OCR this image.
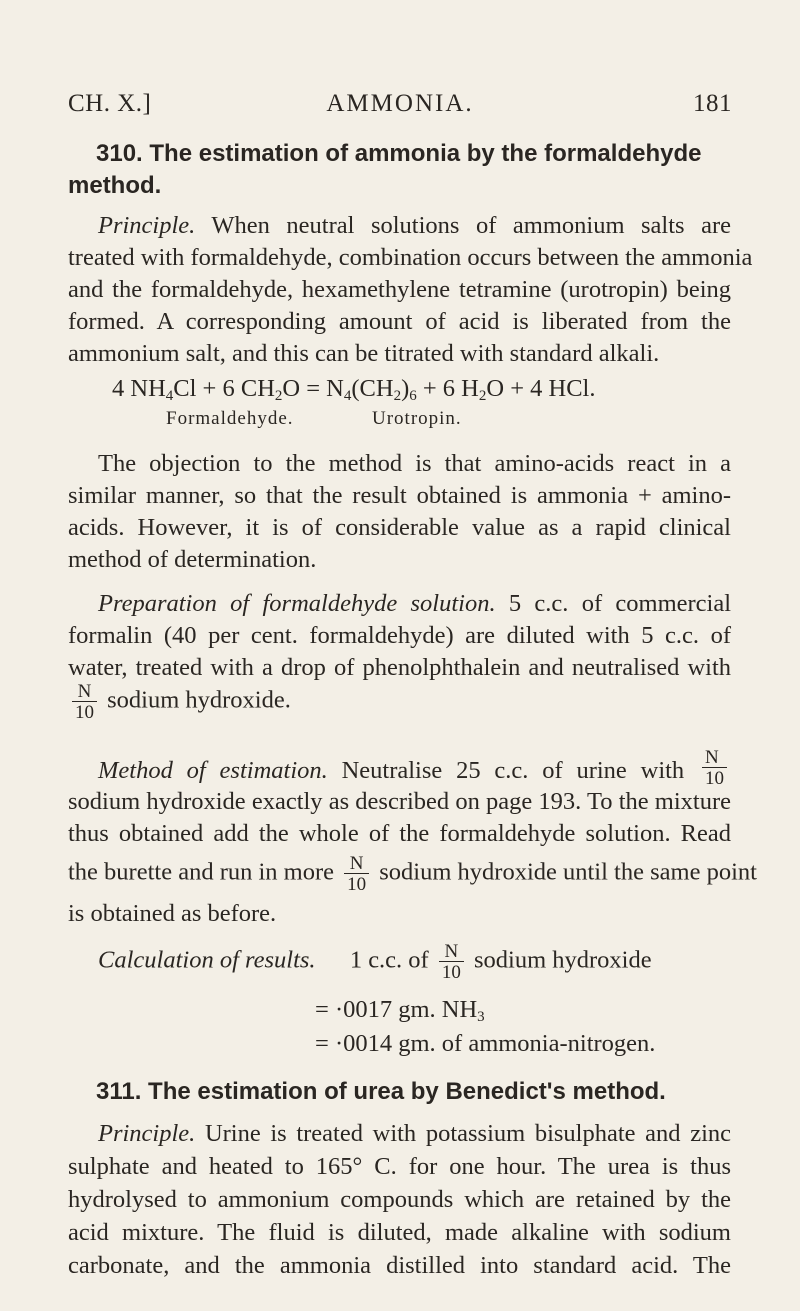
CH. X.]	AMMONIA.	181
310. The estimation of ammonia by the formaldehyde
method.
Principle. When neutral solutions of ammonium salts are
treated with formaldehyde, combination occurs between the ammonia
and the formaldehyde, hexamethylene tetramine (urotropin) being
formed. A corresponding amount of acid is liberated from the
ammonium salt, and this can be titrated with standard alkali.
4 $NH_4Cl + 6$ $CH_2O = N_4(CH_2)_6 + 6$ $H_2O + 4$ HCl.
Formaldehyde.	Urotropin.
The objection to the method is that amino-acids react in a
similar manner, so that the result obtained is ammonia + amino-
acids. However, it is of considerable value as a rapid clinical
method of determination.
Preparation of formaldehyde solution. 5 c.c. of commercial
formalin (40 per cent. formaldehyde) are diluted with 5 c.c. of
water, treated with a drop of phenolphthalein and neutralised with
$\frac{N}{10}$ sodium hydroxide.
Method of estimation. Neutralise 25 c.c. of urine with $\frac{N}{10}$
sodium hydroxide exactly as described on page 193. To the mixture
thus obtained add the whole of the formaldehyde solution. Read
the burette and run in more $\frac{N}{10}$ sodium hydroxide until the same point
is obtained as before.
Calculation of results. 1 c.c. of $\frac{N}{10}$ sodium hydroxide
= ·0017 gm. $NH_3$
= ·0014 gm. of ammonia-nitrogen.
311. The estimation of urea by Benedict's method.
Principle. Urine is treated with potassium bisulphate and zinc
sulphate and heated to 165° C. for one hour. The urea is thus
hydrolysed to ammonium compounds which are retained by the
acid mixture. The fluid is diluted, made alkaline with sodium
carbonate, and the ammonia distilled into standard acid. The
